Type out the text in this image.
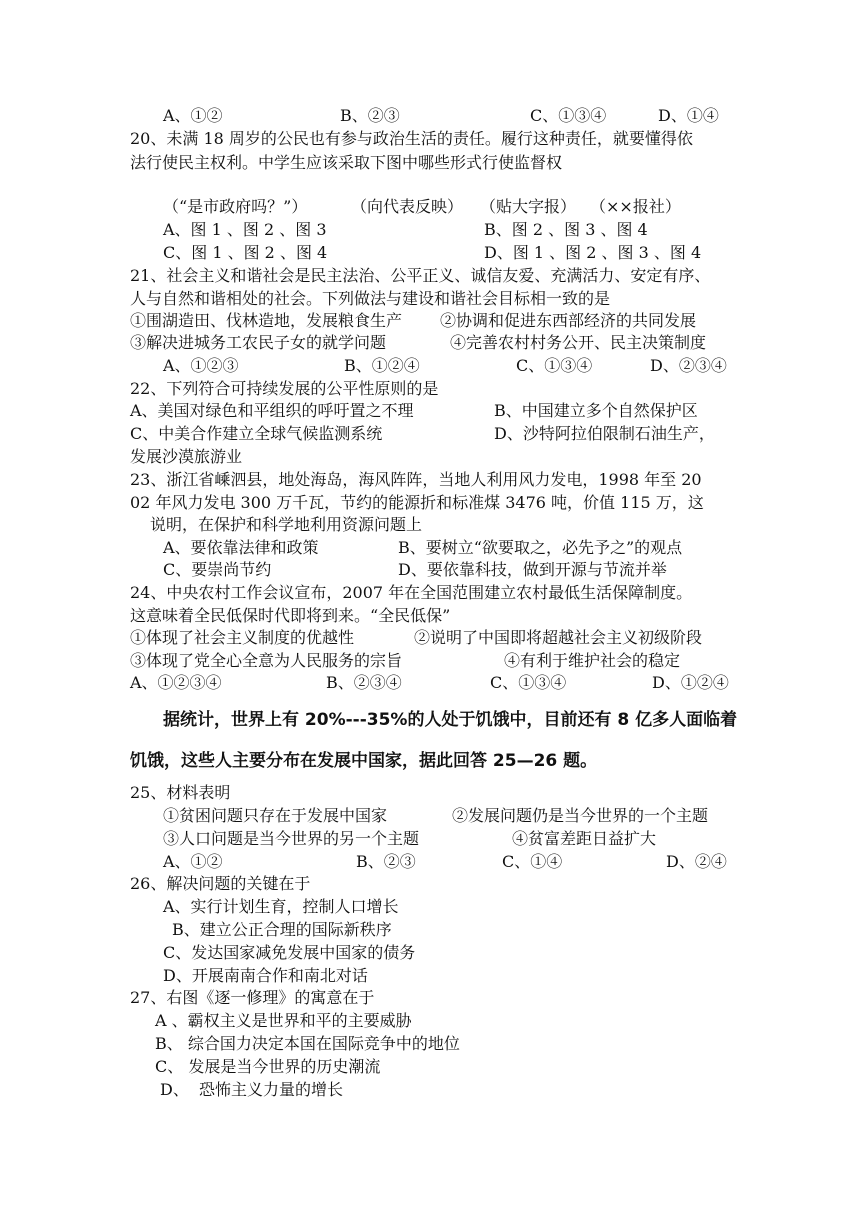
A、①②	B、②③	C、①③④	D、①④
20、未满 18 周岁的公民也有参与政治生活的责任。履行这种责任，就要懂得依
法行使民主权利。中学生应该采取下图中哪些形式行使监督权
（“是市政府吗？”）	（向代表反映） （贴大字报） （××报社）
A、图 1 、图 2 、图 3	B、图 2 、图 3 、图 4
C、图 1 、图 2 、图 4	D、图 1 、图 2 、图 3 、图 4
21、社会主义和谐社会是民主法治、公平正义、诚信友爱、充满活力、安定有序、
人与自然和谐相处的社会。下列做法与建设和谐社会目标相一致的是
①围湖造田、伐林造地，发展粮食生产 ②协调和促进东西部经济的共同发展
③解决进城务工农民子女的就学问题	④完善农村村务公开、民主决策制度
A、①②③	B、①②④	C、①③④	D、②③④
22、下列符合可持续发展的公平性原则的是
A、美国对绿色和平组织的呼吁置之不理	B、中国建立多个自然保护区
C、中美合作建立全球气候监测系统	D、沙特阿拉伯限制石油生产，
发展沙漠旅游业
23、浙江省嵊泗县，地处海岛，海风阵阵，当地人利用风力发电，1998 年至 20
02 年风力发电 300 万千瓦，节约的能源折和标准煤 3476 吨，价值 115 万，这
说明，在保护和科学地利用资源问题上
A、要依靠法律和政策	B、要树立“欲要取之，必先予之”的观点
C、要崇尚节约	D、要依靠科技，做到开源与节流并举
24、中央农村工作会议宣布，2007 年在全国范围建立农村最低生活保障制度。
这意味着全民低保时代即将到来。“全民低保”
①体现了社会主义制度的优越性	②说明了中国即将超越社会主义初级阶段
③体现了党全心全意为人民服务的宗旨	④有利于维护社会的稳定
A、①②③④	B、②③④	C、①③④	D、①②④
据统计，世界上有 20%---35%的人处于饥饿中，目前还有 8 亿多人面临着
饥饿，这些人主要分布在发展中国家，据此回答 25—26 题。
25、材料表明
①贫困问题只存在于发展中国家	②发展问题仍是当今世界的一个主题
③人口问题是当今世界的另一个主题	④贫富差距日益扩大
A、①②	B、②③	C、①④	D、②④
26、解决问题的关键在于
A、实行计划生育，控制人口增长
B、建立公正合理的国际新秩序
C、发达国家减免发展中国家的债务
D、开展南南合作和南北对话
27、右图《逐一修理》的寓意在于
A 、霸权主义是世界和平的主要威胁
B、 综合国力决定本国在国际竞争中的地位
C、 发展是当今世界的历史潮流
D、  恐怖主义力量的增长
